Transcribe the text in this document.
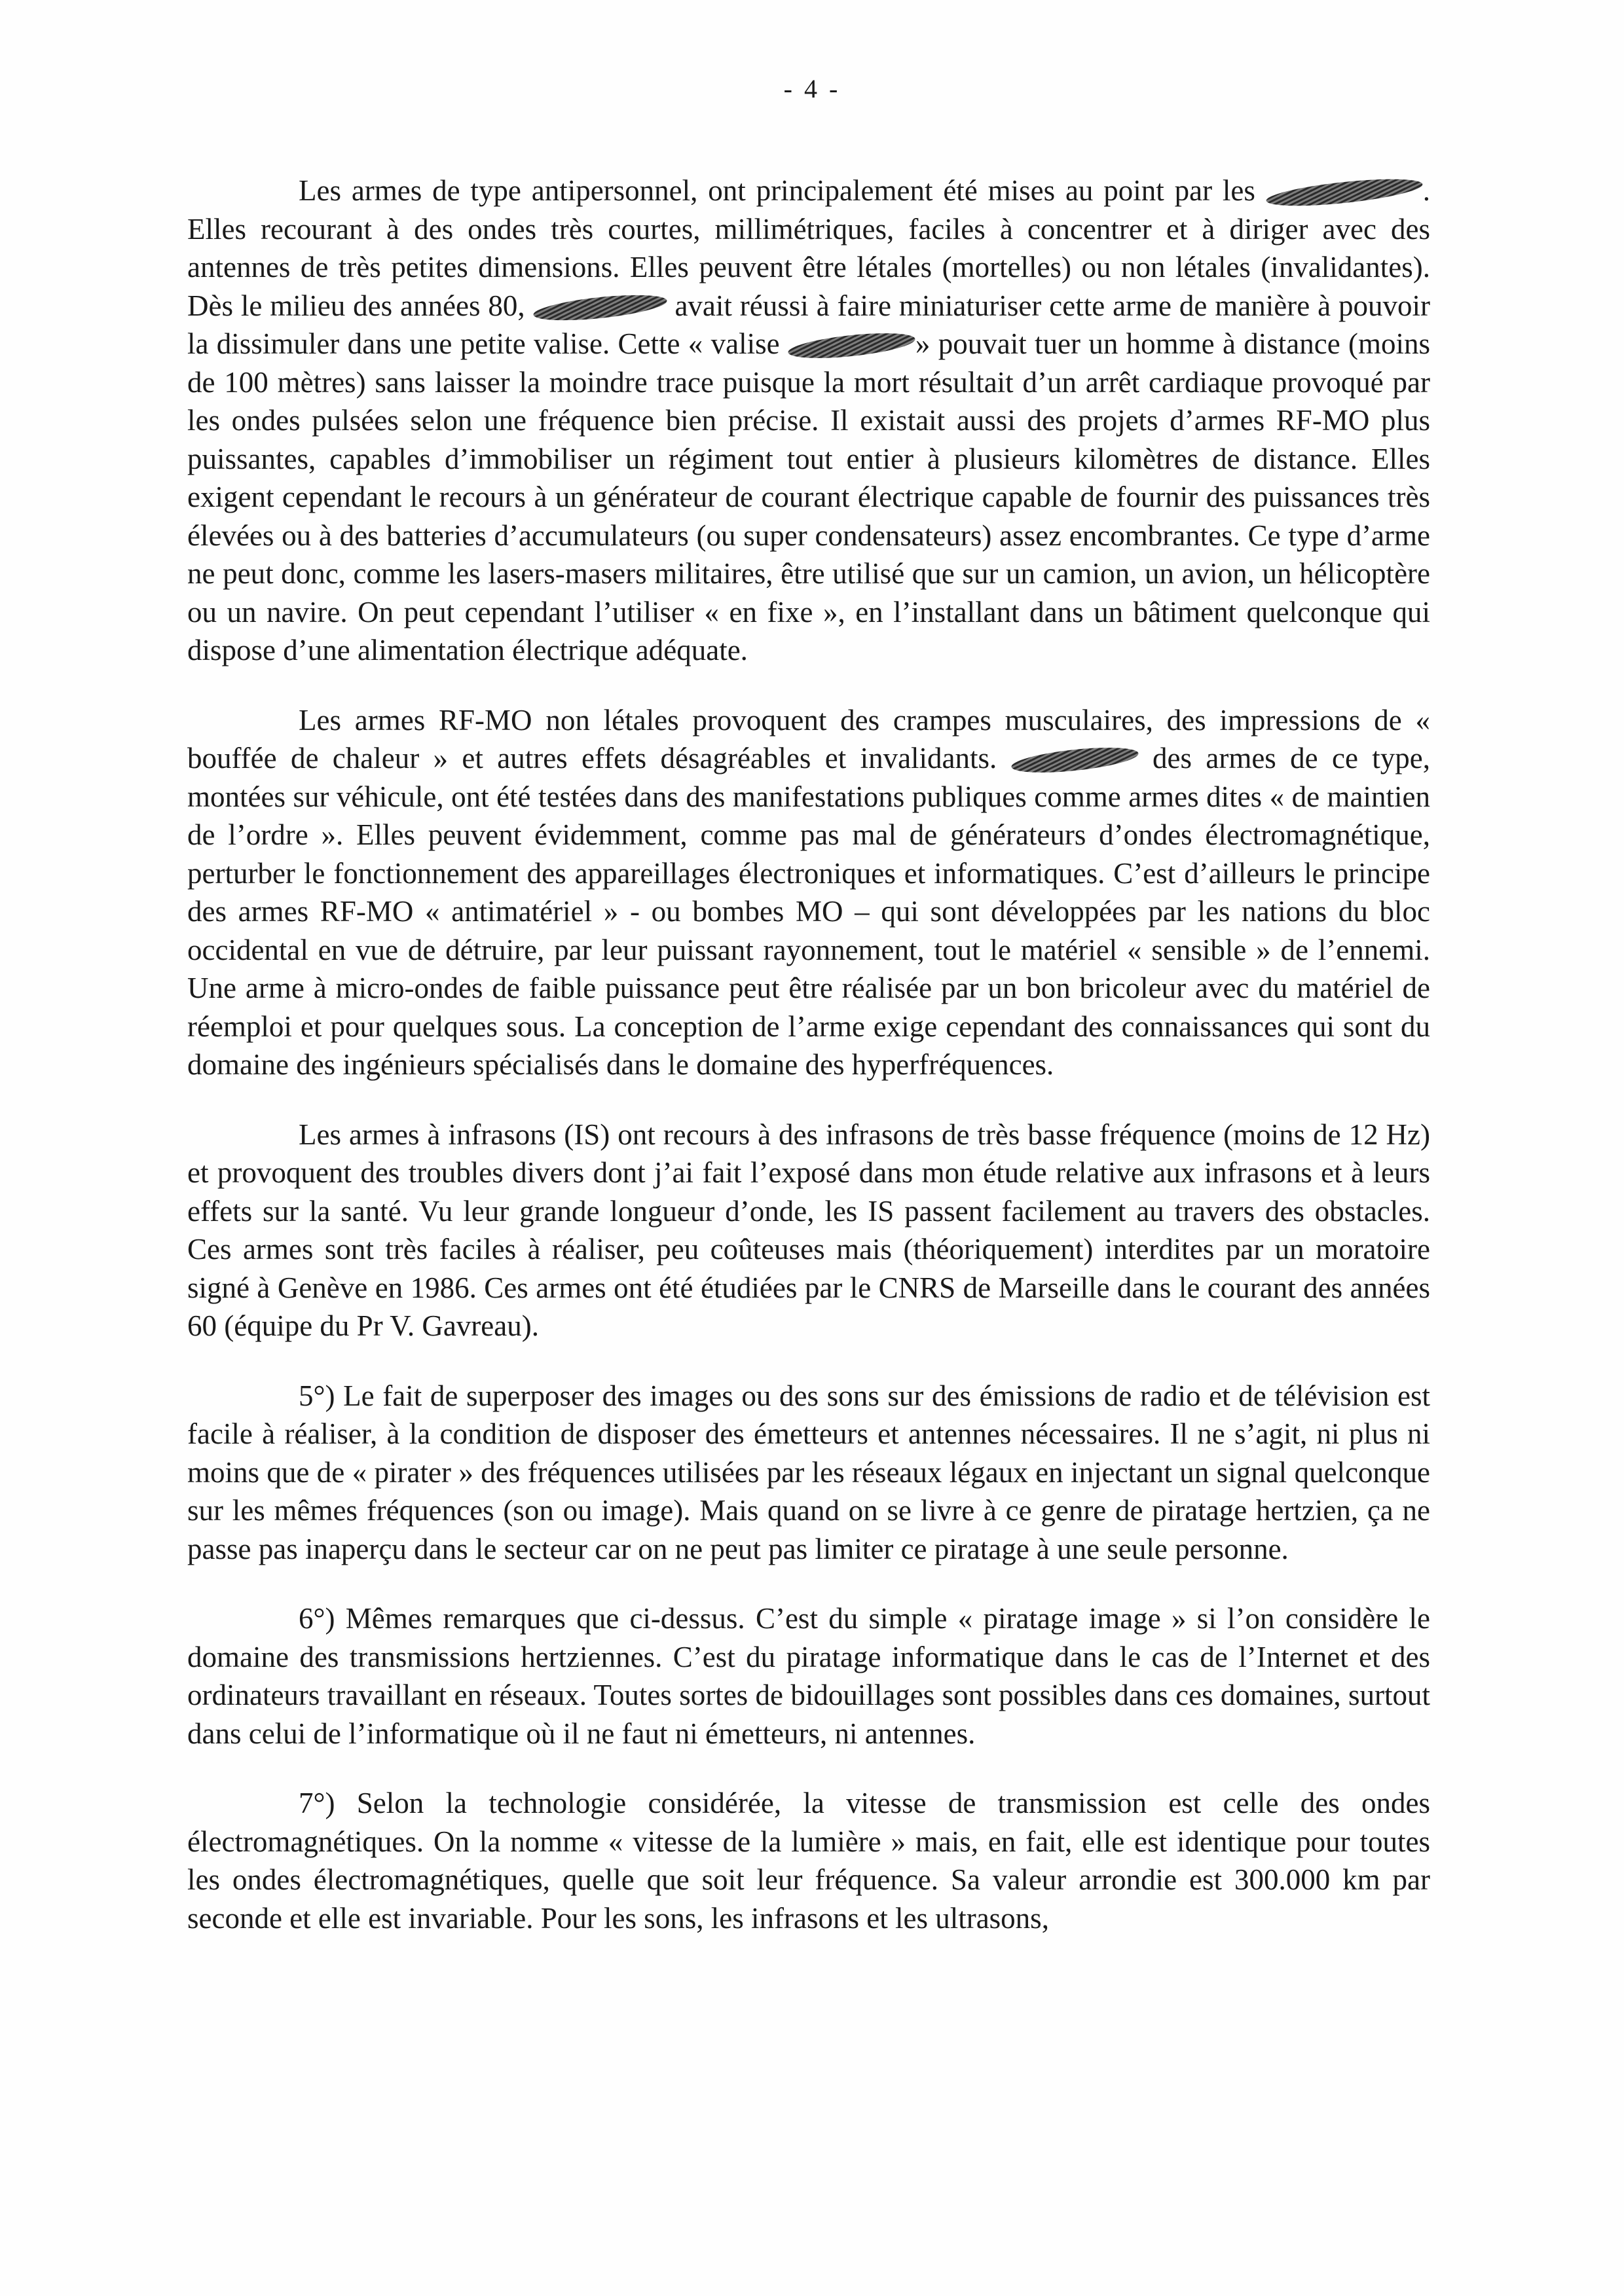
- 4 -

Les armes de type antipersonnel, ont principalement été mises au point par les	. Elles recourant à des ondes très courtes, millimétriques, faciles à concentrer et à diriger avec des antennes de très petites dimensions. Elles peuvent être létales (mortelles) ou non létales (invalidantes). Dès le milieu des années 80,	avait réussi à faire miniaturiser cette arme de manière à pouvoir la dissimuler dans une petite valise. Cette « valise	» pouvait tuer un homme à distance (moins de 100 mètres) sans laisser la moindre trace puisque la mort résultait d’un arrêt cardiaque provoqué par les ondes pulsées selon une fréquence bien précise. Il existait aussi des projets d’armes RF-MO plus puissantes, capables d’immobiliser un régiment tout entier à plusieurs kilomètres de distance. Elles exigent cependant le recours à un générateur de courant électrique capable de fournir des puissances très élevées ou à des batteries d’accumulateurs (ou super condensateurs) assez encombrantes. Ce type d’arme ne peut donc, comme les lasers-masers militaires, être utilisé que sur un camion, un avion, un hélicoptère ou un navire. On peut cependant l’utiliser « en fixe », en l’installant dans un bâtiment quelconque qui dispose d’une alimentation électrique adéquate.

Les armes RF-MO non létales provoquent des crampes musculaires, des impressions de « bouffée de chaleur » et autres effets désagréables et invalidants.	des armes de ce type, montées sur véhicule, ont été testées dans des manifestations publiques comme armes dites « de maintien de l’ordre ». Elles peuvent évidemment, comme pas mal de générateurs d’ondes électromagnétique, perturber le fonctionnement des appareillages électroniques et informatiques. C’est d’ailleurs le principe des armes RF-MO « antimatériel » - ou bombes MO – qui sont développées par les nations du bloc occidental en vue de détruire, par leur puissant rayonnement, tout le matériel « sensible » de l’ennemi. Une arme à micro-ondes de faible puissance peut être réalisée par un bon bricoleur avec du matériel de réemploi et pour quelques sous. La conception de l’arme exige cependant des connaissances qui sont du domaine des ingénieurs spécialisés dans le domaine des hyperfréquences.

Les armes à infrasons (IS) ont recours à des infrasons de très basse fréquence (moins de 12 Hz) et provoquent des troubles divers dont j’ai fait l’exposé dans mon étude relative aux infrasons et à leurs effets sur la santé. Vu leur grande longueur d’onde, les IS passent facilement au travers des obstacles. Ces armes sont très faciles à réaliser, peu coûteuses mais (théoriquement) interdites par un moratoire signé à Genève en 1986. Ces armes ont été étudiées par le CNRS de Marseille dans le courant des années 60 (équipe du Pr V. Gavreau).

5°) Le fait de superposer des images ou des sons sur des émissions de radio et de télévision est facile à réaliser, à la condition de disposer des émetteurs et antennes nécessaires. Il ne s’agit, ni plus ni moins que de « pirater » des fréquences utilisées par les réseaux légaux en injectant un signal quelconque sur les mêmes fréquences (son ou image). Mais quand on se livre à ce genre de piratage hertzien, ça ne passe pas inaperçu dans le secteur car on ne peut pas limiter ce piratage à une seule personne.

6°) Mêmes remarques que ci-dessus. C’est du simple « piratage image » si l’on considère le domaine des transmissions hertziennes. C’est du piratage informatique dans le cas de l’Internet et des ordinateurs travaillant en réseaux. Toutes sortes de bidouillages sont possibles dans ces domaines, surtout dans celui de l’informatique où il ne faut ni émetteurs, ni antennes.

7°) Selon la technologie considérée, la vitesse de transmission est celle des ondes électromagnétiques. On la nomme « vitesse de la lumière » mais, en fait, elle est identique pour toutes les ondes électromagnétiques, quelle que soit leur fréquence. Sa valeur arrondie est 300.000 km par seconde et elle est invariable. Pour les sons, les infrasons et les ultrasons,
